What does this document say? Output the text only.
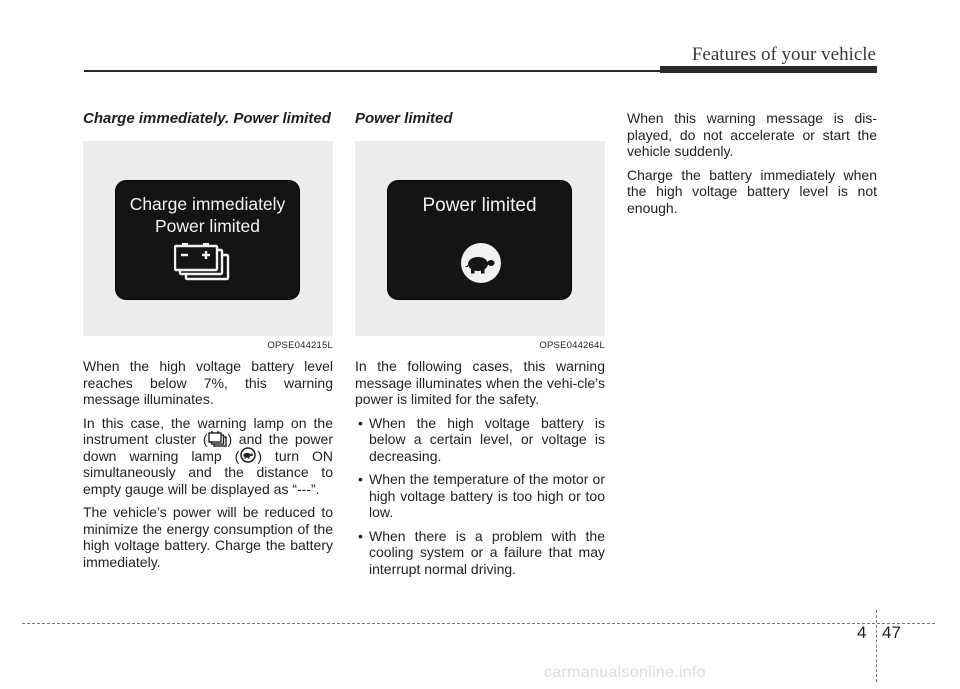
Features of your vehicle
Charge immediately. Power limited
Charge immediately
Power limited
OPSE044215L

When the high voltage battery level reaches below 7%, this warning message illuminates.

In this case, the warning lamp on the instrument cluster ( ) and the power down warning lamp ( ) turn ON simultaneously and the distance to empty gauge will be displayed as “---”.

The vehicle’s power will be reduced to minimize the energy consumption of the high voltage battery. Charge the battery immediately.

Power limited
Power limited
OPSE044264L

In the following cases, this warning message illuminates when the vehi-cle’s power is limited for the safety.

• When the high voltage battery is below a certain level, or voltage is decreasing.
• When the temperature of the motor or high voltage battery is too high or too low.
• When there is a problem with the cooling system or a failure that may interrupt normal driving.

When this warning message is dis-played, do not accelerate or start the vehicle suddenly.

Charge the battery immediately when the high voltage battery level is not enough.

4 47
carmanualsonline.info
